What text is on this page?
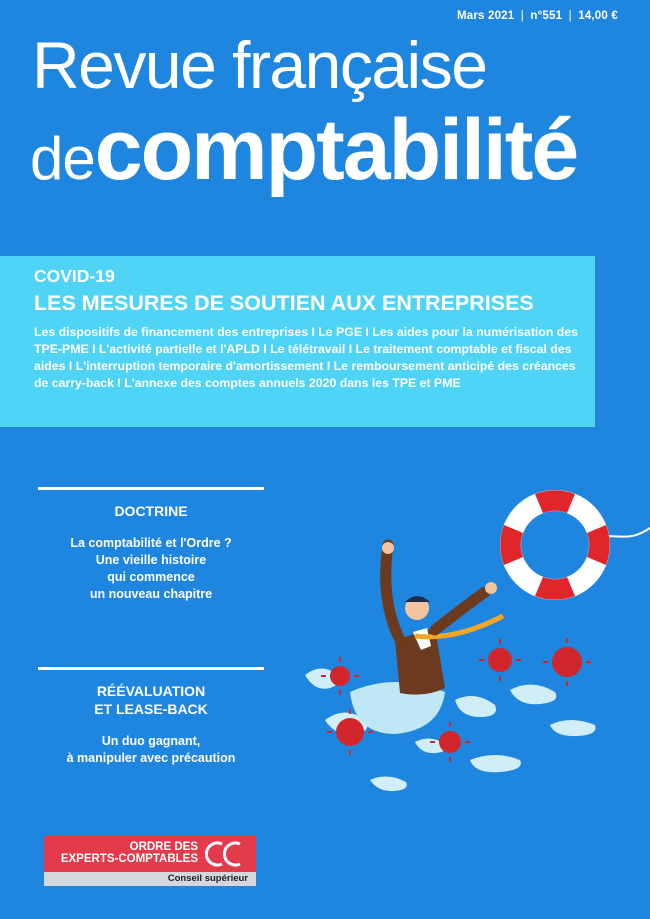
Mars 2021 | n°551 | 14,00 €
Revue française
decomptabilité
COVID-19
LES MESURES DE SOUTIEN AUX ENTREPRISES
Les dispositifs de financement des entreprises I Le PGE I Les aides pour la numérisation des TPE-PME I L'activité partielle et l'APLD I Le télétravail I Le traitement comptable et fiscal des aides I L'interruption temporaire d'amortissement I Le remboursement anticipé des créances de carry-back I L'annexe des comptes annuels 2020 dans les TPE et PME
DOCTRINE
La comptabilité et l'Ordre ?
Une vieille histoire
qui commence
un nouveau chapitre
RÉÉVALUATION
ET LEASE-BACK
Un duo gagnant,
à manipuler avec précaution
ORDRE DES
EXPERTS-COMPTABLES
Conseil supérieur
